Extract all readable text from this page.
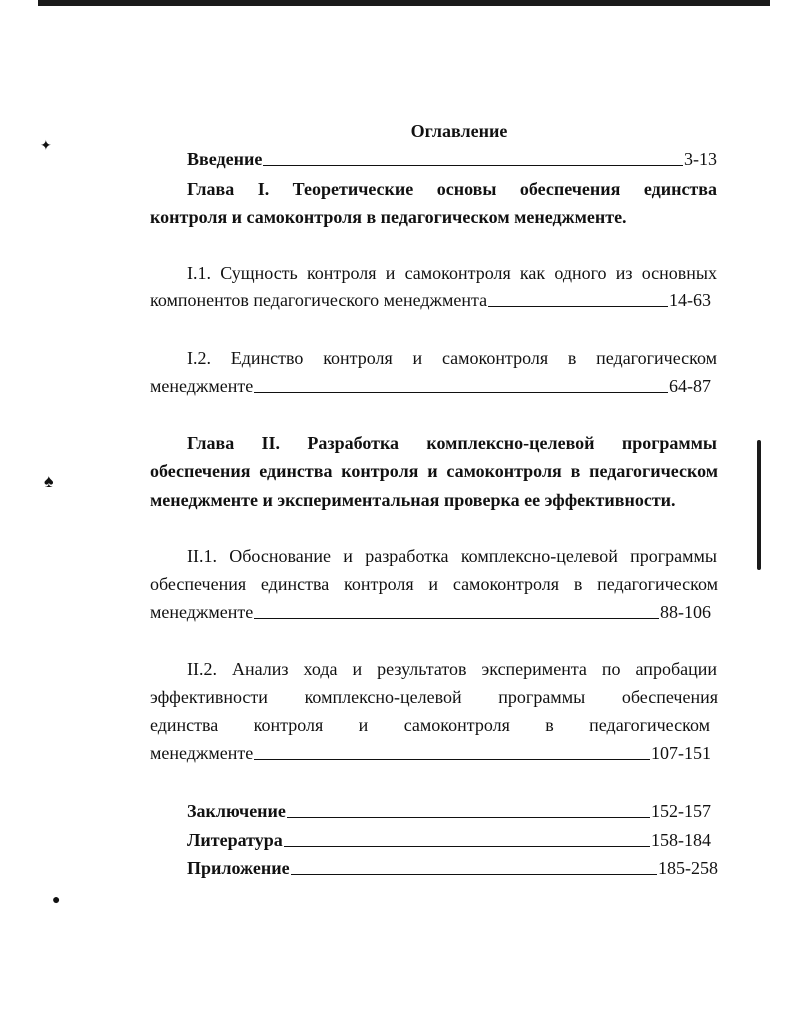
✦
♠
●
Оглавление
Введение	3-13
Глава I. Теоретические основы обеспечения единства
контроля и самоконтроля в педагогическом менеджменте.
I.1. Сущность контроля и самоконтроля как одного из основных
компонентов педагогического менеджмента	14-63
I.2. Единство контроля и самоконтроля в педагогическом
менеджменте	64-87
Глава II. Разработка комплексно-целевой программы
обеспечения единства контроля и самоконтроля в педагогическом
менеджменте и экспериментальная проверка ее эффективности.
II.1. Обоснование и разработка комплексно-целевой программы
обеспечения единства контроля и самоконтроля в педагогическом
менеджменте	88-106
II.2. Анализ хода и результатов эксперимента по апробации
эффективности комплексно-целевой программы обеспечения
единства контроля и самоконтроля в педагогическом
менеджменте	107-151
Заключение	152-157
Литература	158-184
Приложение	185-258
